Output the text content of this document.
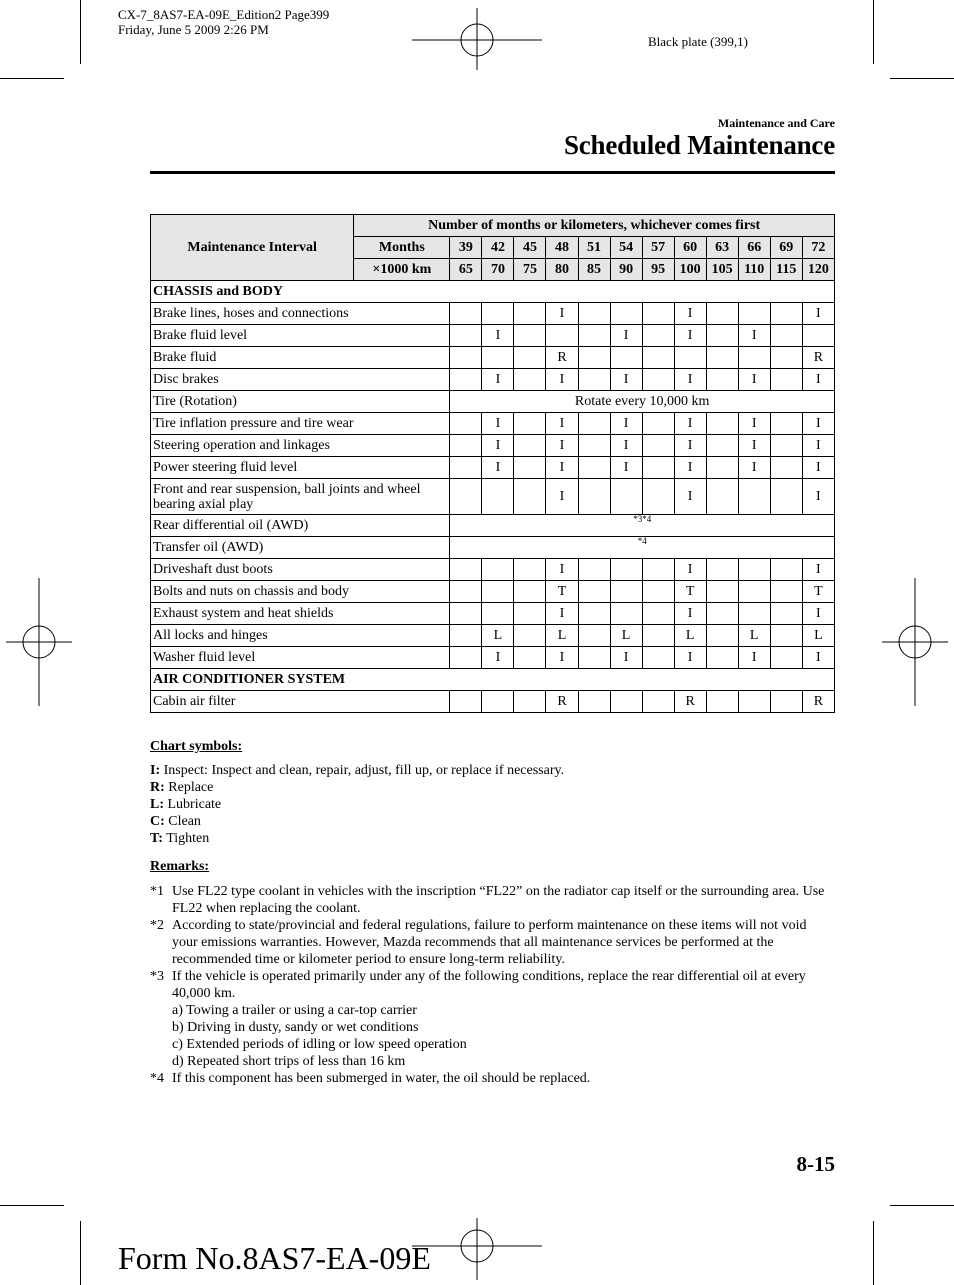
CX-7_8AS7-EA-09E_Edition2 Page399
Friday, June 5 2009 2:26 PM
Black plate (399,1)
Maintenance and Care
Scheduled Maintenance
Maintenance Interval	Number of months or kilometers, whichever comes first												
	Months	39	42	45	48	51	54	57	60	63	66	69	72
	×1000 km	65	70	75	80	85	90	95	100	105	110	115	120
CHASSIS and BODY													
Brake lines, hoses and connections					I				I				I
Brake fluid level			I				I		I		I		
Brake fluid					R								R
Disc brakes			I		I		I		I		I		I
Tire (Rotation)		Rotate every 10,000 km											
Tire inflation pressure and tire wear			I		I		I		I		I		I
Steering operation and linkages			I		I		I		I		I		I
Power steering fluid level			I		I		I		I		I		I
Front and rear suspension, ball joints and wheel bearing axial play					I				I				I
Rear differential oil (AWD)		*3*4											
Transfer oil (AWD)		*4											
Driveshaft dust boots					I				I				I
Bolts and nuts on chassis and body					T				T				T
Exhaust system and heat shields					I				I				I
All locks and hinges			L		L		L		L		L		L
Washer fluid level			I		I		I		I		I		I
AIR CONDITIONER SYSTEM													
Cabin air filter					R				R				R
Chart symbols:
I: Inspect: Inspect and clean, repair, adjust, fill up, or replace if necessary.
R: Replace
L: Lubricate
C: Clean
T: Tighten
Remarks:
*1 Use FL22 type coolant in vehicles with the inscription “FL22” on the radiator cap itself or the surrounding area. Use FL22 when replacing the coolant.
*2 According to state/provincial and federal regulations, failure to perform maintenance on these items will not void your emissions warranties. However, Mazda recommends that all maintenance services be performed at the recommended time or kilometer period to ensure long-term reliability.
*3 If the vehicle is operated primarily under any of the following conditions, replace the rear differential oil at every 40,000 km.
a) Towing a trailer or using a car-top carrier
b) Driving in dusty, sandy or wet conditions
c) Extended periods of idling or low speed operation
d) Repeated short trips of less than 16 km
*4 If this component has been submerged in water, the oil should be replaced.
8-15
Form No.8AS7-EA-09E
